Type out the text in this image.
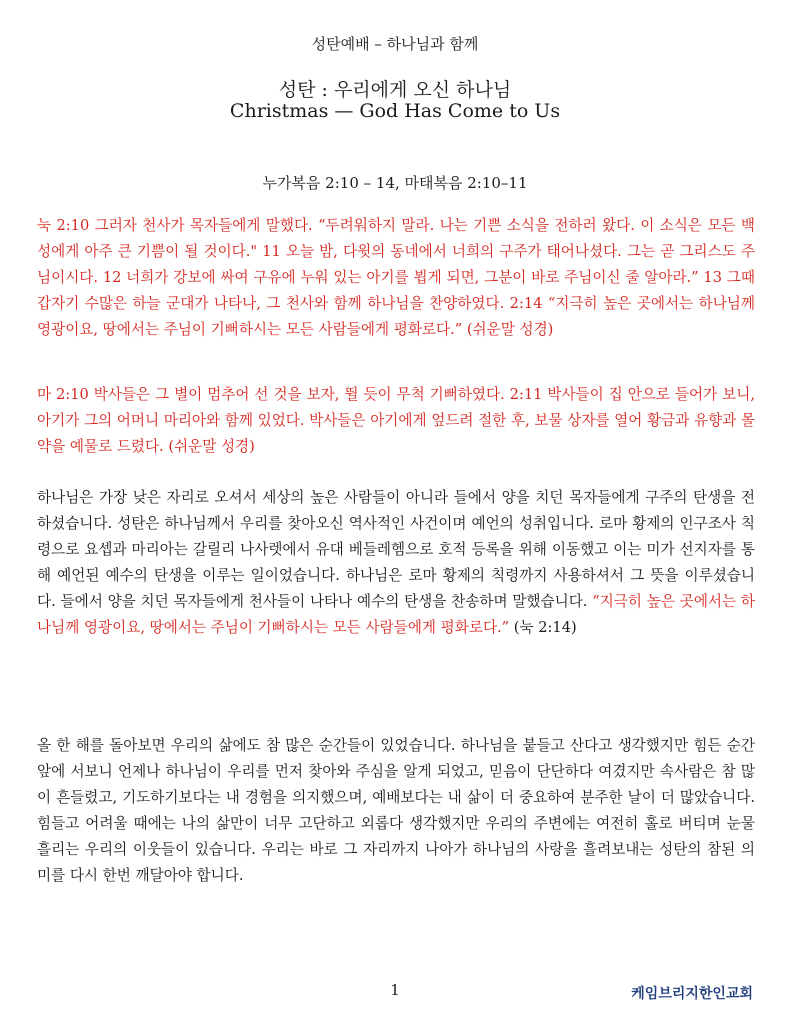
성탄예배 – 하나님과 함께
성탄 : 우리에게 오신 하나님
Christmas — God Has Come to Us
누가복음 2:10 – 14, 마태복음 2:10–11

눅 2:10 그러자 천사가 목자들에게 말했다. “두려워하지 말라. 나는 기쁜 소식을 전하러 왔다. 이 소식은 모든 백성에게 아주 큰 기쁨이 될 것이다." 11 오늘 밤, 다윗의 동네에서 너희의 구주가 태어나셨다. 그는 곧 그리스도 주님이시다. 12 너희가 강보에 싸여 구유에 누워 있는 아기를 뵙게 되면, 그분이 바로 주님이신 줄 알아라.” 13 그때 갑자기 수많은 하늘 군대가 나타나, 그 천사와 함께 하나님을 찬양하였다. 2:14 “지극히 높은 곳에서는 하나님께 영광이요, 땅에서는 주님이 기뻐하시는 모든 사람들에게 평화로다.” (쉬운말 성경)

마 2:10 박사들은 그 별이 멈추어 선 것을 보자, 뛸 듯이 무척 기뻐하였다. 2:11 박사들이 집 안으로 들어가 보니, 아기가 그의 어머니 마리아와 함께 있었다. 박사들은 아기에게 엎드려 절한 후, 보물 상자를 열어 황금과 유향과 몰약을 예물로 드렸다. (쉬운말 성경)

하나님은 가장 낮은 자리로 오셔서 세상의 높은 사람들이 아니라 들에서 양을 치던 목자들에게 구주의 탄생을 전하셨습니다. 성탄은 하나님께서 우리를 찾아오신 역사적인 사건이며 예언의 성취입니다. 로마 황제의 인구조사 칙령으로 요셉과 마리아는 갈릴리 나사렛에서 유대 베들레헴으로 호적 등록을 위해 이동했고 이는 미가 선지자를 통해 예언된 예수의 탄생을 이루는 일이었습니다. 하나님은 로마 황제의 칙령까지 사용하셔서 그 뜻을 이루셨습니다. 들에서 양을 치던 목자들에게 천사들이 나타나 예수의 탄생을 찬송하며 말했습니다. “지극히 높은 곳에서는 하나님께 영광이요, 땅에서는 주님이 기뻐하시는 모든 사람들에게 평화로다.” (눅 2:14)

올 한 해를 돌아보면 우리의 삶에도 참 많은 순간들이 있었습니다. 하나님을 붙들고 산다고 생각했지만 힘든 순간 앞에 서보니 언제나 하나님이 우리를 먼저 찾아와 주심을 알게 되었고, 믿음이 단단하다 여겼지만 속사람은 참 많이 흔들렸고, 기도하기보다는 내 경험을 의지했으며, 예배보다는 내 삶이 더 중요하여 분주한 날이 더 많았습니다. 힘들고 어려울 때에는 나의 삶만이 너무 고단하고 외롭다 생각했지만 우리의 주변에는 여전히 홀로 버티며 눈물 흘리는 우리의 이웃들이 있습니다. 우리는 바로 그 자리까지 나아가 하나님의 사랑을 흘려보내는 성탄의 참된 의미를 다시 한번 깨달아야 합니다.

1	케임브리지한인교회
